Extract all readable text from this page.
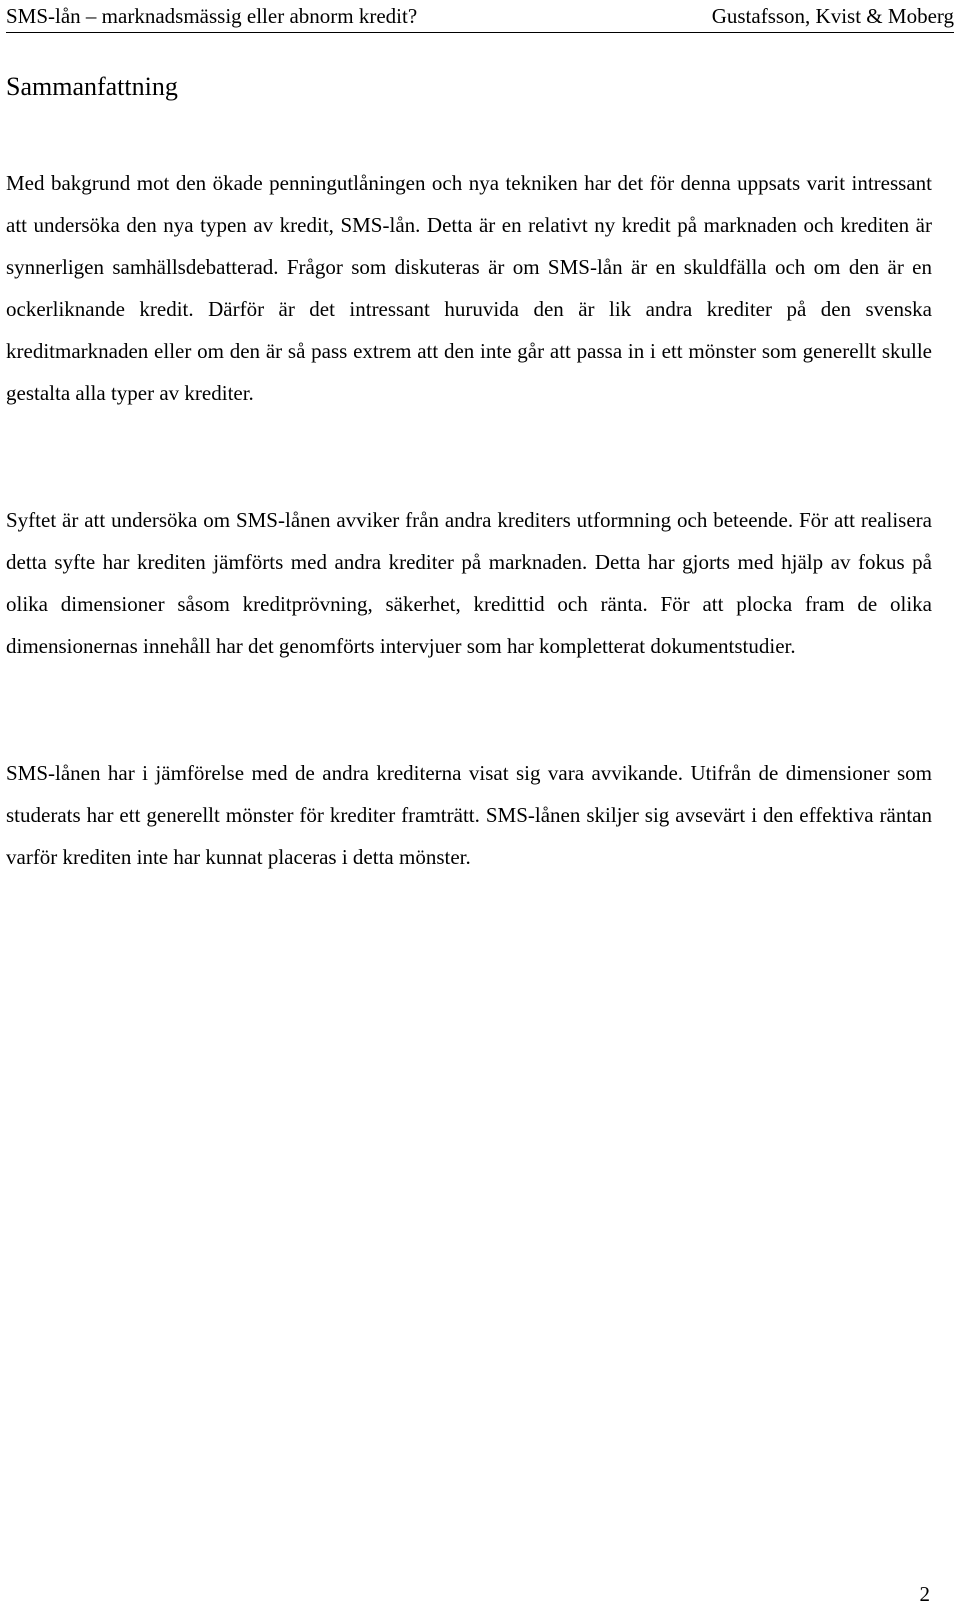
SMS-lån – marknadsmässig eller abnorm kredit?	Gustafsson, Kvist & Moberg
Sammanfattning

Med bakgrund mot den ökade penningutlåningen och nya tekniken har det för denna uppsats varit intressant att undersöka den nya typen av kredit, SMS-lån. Detta är en relativt ny kredit på marknaden och krediten är synnerligen samhällsdebatterad. Frågor som diskuteras är om SMS-lån är en skuldfälla och om den är en ockerliknande kredit. Därför är det intressant huruvida den är lik andra krediter på den svenska kreditmarknaden eller om den är så pass extrem att den inte går att passa in i ett mönster som generellt skulle gestalta alla typer av krediter.

Syftet är att undersöka om SMS-lånen avviker från andra krediters utformning och beteende. För att realisera detta syfte har krediten jämförts med andra krediter på marknaden. Detta har gjorts med hjälp av fokus på olika dimensioner såsom kreditprövning, säkerhet, kredittid och ränta. För att plocka fram de olika dimensionernas innehåll har det genomförts intervjuer som har kompletterat dokumentstudier.

SMS-lånen har i jämförelse med de andra krediterna visat sig vara avvikande. Utifrån de dimensioner som studerats har ett generellt mönster för krediter framträtt. SMS-lånen skiljer sig avsevärt i den effektiva räntan varför krediten inte har kunnat placeras i detta mönster.

2
